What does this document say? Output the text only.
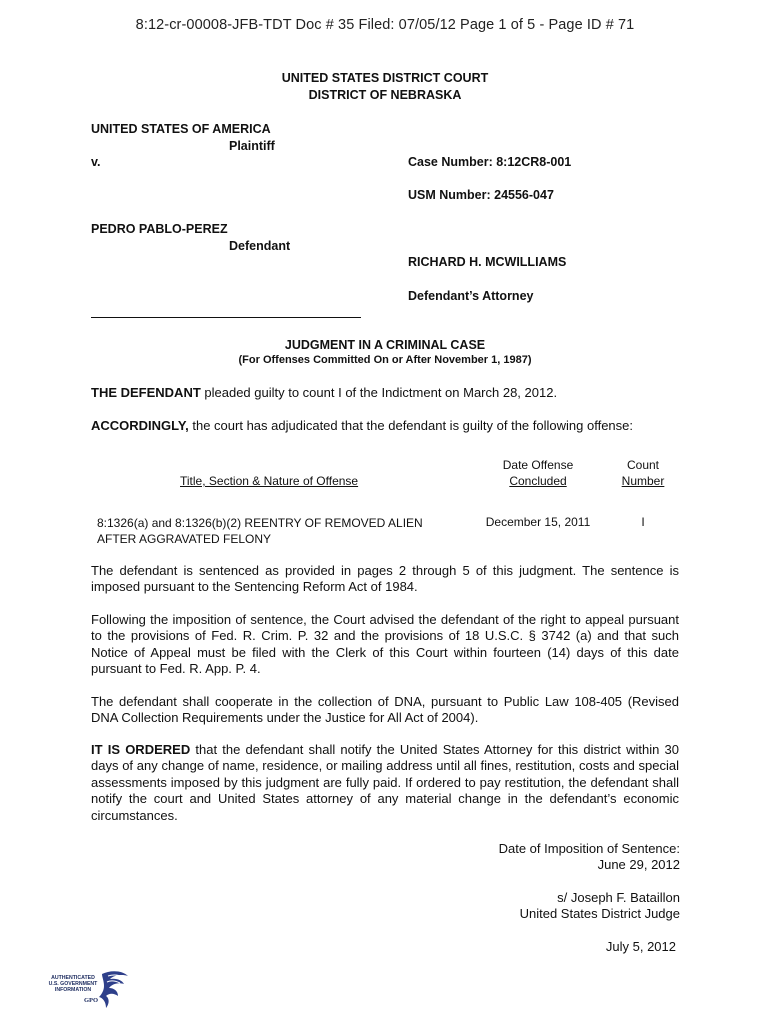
8:12-cr-00008-JFB-TDT Doc # 35 Filed: 07/05/12 Page 1 of 5 - Page ID # 71
UNITED STATES DISTRICT COURT
DISTRICT OF NEBRASKA
UNITED STATES OF AMERICA
Plaintiff
v.	Case Number: 8:12CR8-001
USM Number: 24556-047
PEDRO PABLO-PEREZ
Defendant
RICHARD H. MCWILLIAMS
Defendant’s Attorney
JUDGMENT IN A CRIMINAL CASE
(For Offenses Committed On or After November 1, 1987)
THE DEFENDANT pleaded guilty to count I of the Indictment on March 28, 2012.
ACCORDINGLY, the court has adjudicated that the defendant is guilty of the following offense:
Title, Section & Nature of Offense
Date Offense
Concluded
Count
Number
8:1326(a) and 8:1326(b)(2) REENTRY OF REMOVED ALIEN
AFTER AGGRAVATED FELONY
December 15, 2011	I
The defendant is sentenced as provided in pages 2 through 5 of this judgment. The sentence is imposed pursuant to the Sentencing Reform Act of 1984.
Following the imposition of sentence, the Court advised the defendant of the right to appeal pursuant to the provisions of Fed. R. Crim. P. 32 and the provisions of 18 U.S.C. § 3742 (a) and that such Notice of Appeal must be filed with the Clerk of this Court within fourteen (14) days of this date pursuant to Fed. R. App. P. 4.
The defendant shall cooperate in the collection of DNA, pursuant to Public Law 108-405 (Revised DNA Collection Requirements under the Justice for All Act of 2004).
IT IS ORDERED that the defendant shall notify the United States Attorney for this district within 30 days of any change of name, residence, or mailing address until all fines, restitution, costs and special assessments imposed by this judgment are fully paid. If ordered to pay restitution, the defendant shall notify the court and United States attorney of any material change in the defendant’s economic circumstances.
Date of Imposition of Sentence:
June 29, 2012
s/ Joseph F. Bataillon
United States District Judge
July 5, 2012
AUTHENTICATED
U.S. GOVERNMENT
INFORMATION
GPO
